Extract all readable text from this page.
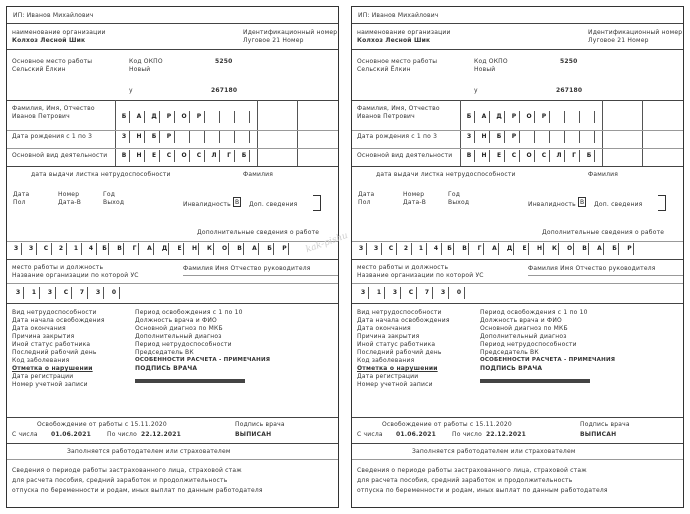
ИП: Иванов Михайлович
наименование организации
Колхоз Лесной Шик
Идентификационный номер
Луговое 21 Номер
Основное место работы
Сельский Ёлкин
Код ОКПО
Новый
5250
у	267180
Фамилия, Имя, Отчество
Иванов Петрович	Б	А	Д	Р	О	Р
Дата рождения с 1 по 3	З	Н	Б	Р
Основной вид деятельности	В	Н	Е	С	О	С	Л	Г	Б
дата выдачи листка нетрудоспособности	Фамилия
Дата
Пол
Номер
Дата-В
Год
Выход	Инвалидность В	Доп. сведения
Дополнительные сведения о работе
З	З	С	2	1	4	Б	В	Г	А	Д	Е	Н	К	О	В	А	Б	Р
место работы и должность
Название организации по которой УС
Фамилия Имя Отчество руководителя
З	1	3	С	7	З	0
Вид нетрудоспособности
Дата начала освобождения
Дата окончания
Причина закрытия
Иной статус работника
Последний рабочий день
Код заболевания
Отметка о нарушении
Дата регистрации
Номер учетной записи
Период освобождения с 1 по 10
Должность врача и ФИО
Основной диагноз по МКБ
Дополнительный диагноз
Период нетрудоспособности
Председатель ВК
ОСОБЕННОСТИ РАСЧЕТА - ПРИМЕЧАНИЯ
ПОДПИСЬ ВРАЧА
Освобождение от работы с 15.11.2020	Подпись врача
С числа 01.06.2021	По число 22.12.2021	ВЫПИСАН
Заполняется работодателем или страхователем
Сведения о периоде работы застрахованного лица, страховой стаж
для расчета пособия, средний заработок и продолжительность
отпуска по беременности и родам, иных выплат по данным работодателя
ИП: Иванов Михайлович
наименование организации
Колхоз Лесной Шик
Идентификационный номер
Луговое 21 Номер
Основное место работы
Сельский Ёлкин
Код ОКПО
Новый
5250
у	267180
Фамилия, Имя, Отчество
Иванов Петрович	Б	А	Д	Р	О	Р
Дата рождения с 1 по 3	З	Н	Б	Р
Основной вид деятельности	В	Н	Е	С	О	С	Л	Г	Б
дата выдачи листка нетрудоспособности	Фамилия
Дата
Пол
Номер
Дата-В
Год
Выход	Инвалидность В	Доп. сведения
Дополнительные сведения о работе
З	З	С	2	1	4	Б	В	Г	А	Д	Е	Н	К	О	В	А	Б	Р
место работы и должность
Название организации по которой УС
Фамилия Имя Отчество руководителя
З	1	3	С	7	З	0
Вид нетрудоспособности
Дата начала освобождения
Дата окончания
Причина закрытия
Иной статус работника
Последний рабочий день
Код заболевания
Отметка о нарушении
Дата регистрации
Номер учетной записи
Период освобождения с 1 по 10
Должность врача и ФИО
Основной диагноз по МКБ
Дополнительный диагноз
Период нетрудоспособности
Председатель ВК
ОСОБЕННОСТИ РАСЧЕТА - ПРИМЕЧАНИЯ
ПОДПИСЬ ВРАЧА
Освобождение от работы с 15.11.2020	Подпись врача
С числа 01.06.2021	По число 22.12.2021	ВЫПИСАН
Заполняется работодателем или страхователем
Сведения о периоде работы застрахованного лица, страховой стаж
для расчета пособия, средний заработок и продолжительность
отпуска по беременности и родам, иных выплат по данным работодателя
kak-pishu
